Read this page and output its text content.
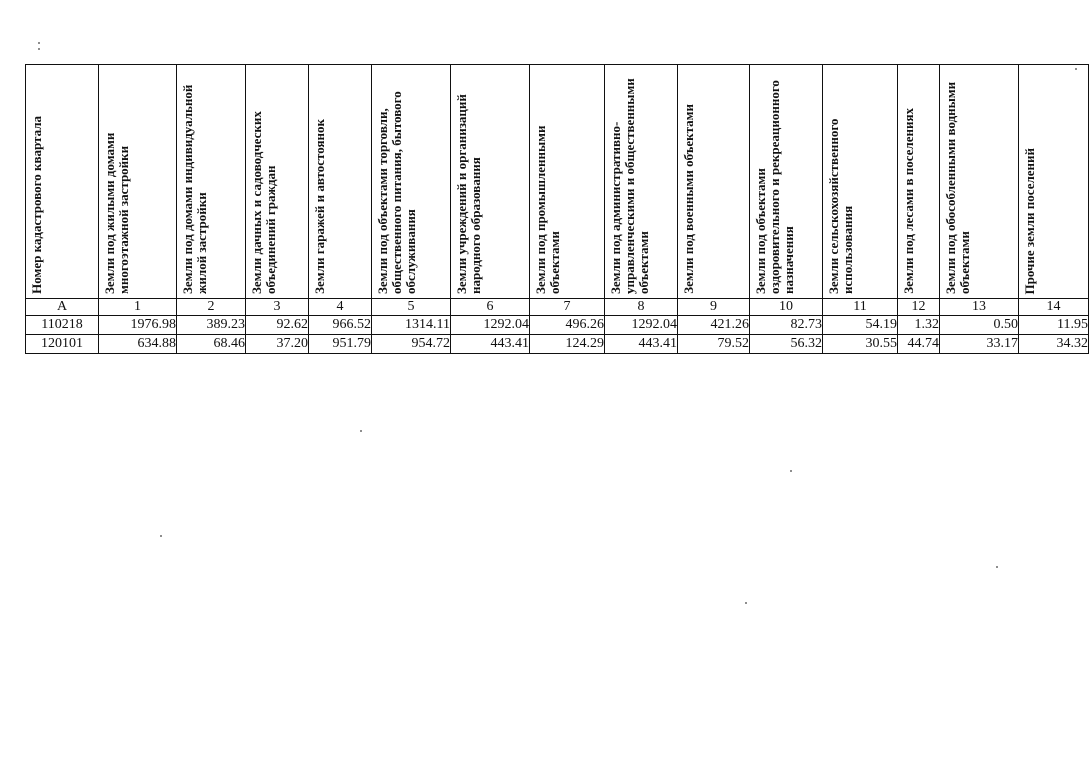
Номер кадастрового квартала	Земли под жилыми домами многоэтажной застройки	Земли под домами индивидуальной жилой застройки	Земли дачных и садоводческих объединений граждан	Земли гаражей и автостоянок	Земли под объектами торговли, общественного питания, бытового обслуживания	Земли учреждений и организаций народного образования	Земли под промышленными объектами	Земли под административно-управленческими и общественными объектами	Земли под военными объектами	Земли под объектами оздоровительного и рекреационного назначения	Земли сельскохозяйственного использования	Земли под лесами в поселениях	Земли под обособленными водными объектами	Прочие земли поселений

А	1	2	3	4	5	6	7	8	9	10	11	12	13	14
110218	1976.98	389.23	92.62	966.52	1314.11	1292.04	496.26	1292.04	421.26	82.73	54.19	1.32	0.50	11.95
120101	634.88	68.46	37.20	951.79	954.72	443.41	124.29	443.41	79.52	56.32	30.55	44.74	33.17	34.32
